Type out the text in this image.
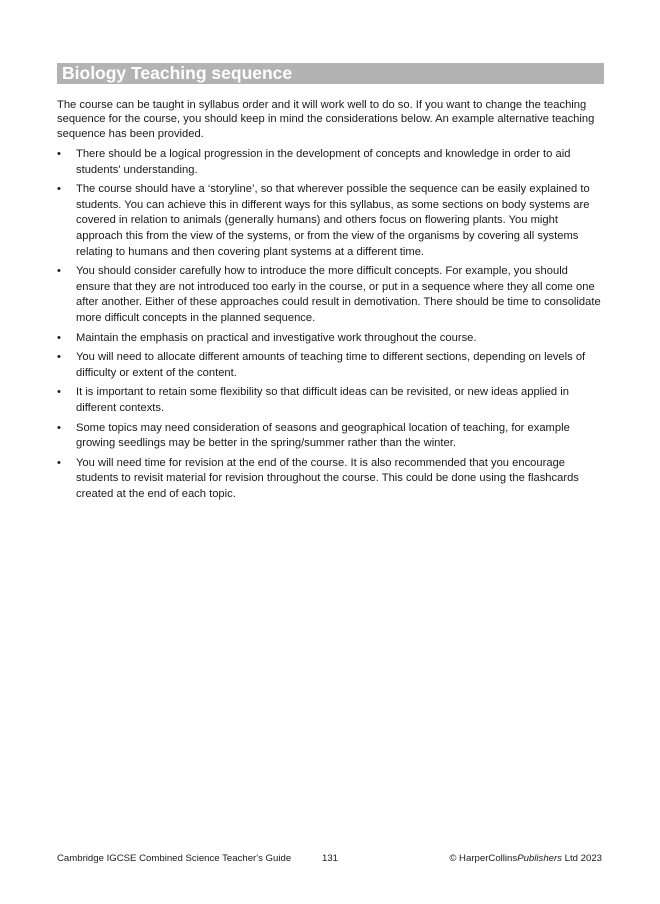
Biology Teaching sequence

The course can be taught in syllabus order and it will work well to do so. If you want to change the teaching sequence for the course, you should keep in mind the considerations below. An example alternative teaching sequence has been provided.

• There should be a logical progression in the development of concepts and knowledge in order to aid students' understanding.
• The course should have a ‘storyline’, so that wherever possible the sequence can be easily explained to students. You can achieve this in different ways for this syllabus, as some sections on body systems are covered in relation to animals (generally humans) and others focus on flowering plants. You might approach this from the view of the systems, or from the view of the organisms by covering all systems relating to humans and then covering plant systems at a different time.
• You should consider carefully how to introduce the more difficult concepts. For example, you should ensure that they are not introduced too early in the course, or put in a sequence where they all come one after another. Either of these approaches could result in demotivation. There should be time to consolidate more difficult concepts in the planned sequence.
• Maintain the emphasis on practical and investigative work throughout the course.
• You will need to allocate different amounts of teaching time to different sections, depending on levels of difficulty or extent of the content.
• It is important to retain some flexibility so that difficult ideas can be revisited, or new ideas applied in different contexts.
• Some topics may need consideration of seasons and geographical location of teaching, for example growing seedlings may be better in the spring/summer rather than the winter.
• You will need time for revision at the end of the course. It is also recommended that you encourage students to revisit material for revision throughout the course. This could be done using the flashcards created at the end of each topic.
Cambridge IGCSE Combined Science Teacher's Guide	131	© HarperCollinsPublishers Ltd 2023
